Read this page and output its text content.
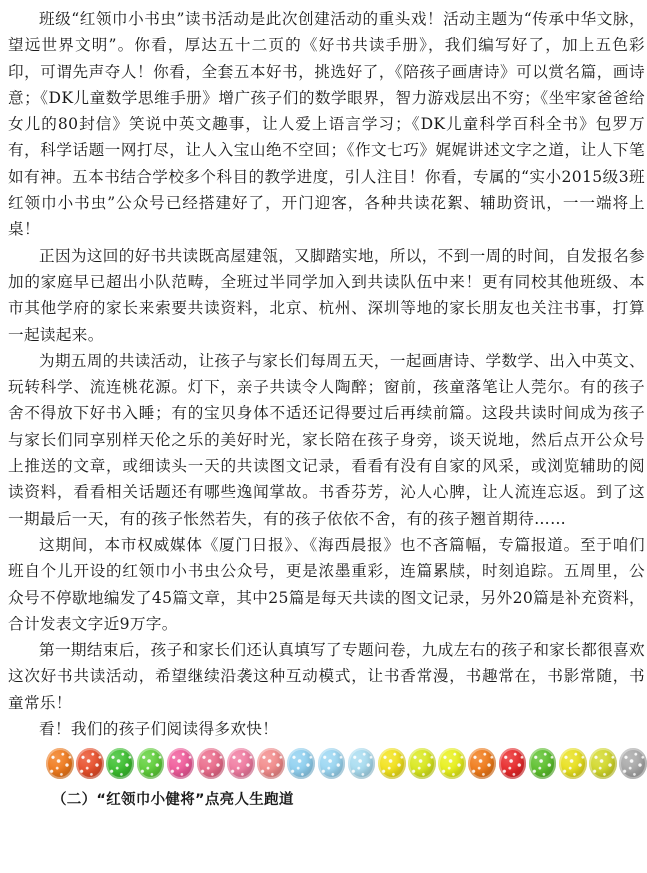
班级“红领巾小书虫”读书活动是此次创建活动的重头戏！活动主题为“传承中华文脉，望远世界文明”。你看，厚达五十二页的《好书共读手册》，我们编写好了，加上五色彩印，可谓先声夺人！你看，全套五本好书，挑选好了，《陪孩子画唐诗》可以赏名篇，画诗意；《DK儿童数学思维手册》增广孩子们的数学眼界，智力游戏层出不穷；《坐牢家爸爸给女儿的80封信》笑说中英文趣事，让人爱上语言学习；《DK儿童科学百科全书》包罗万有，科学话题一网打尽，让人入宝山绝不空回；《作文七巧》娓娓讲述文字之道，让人下笔如有神。五本书结合学校多个科目的教学进度，引人注目！你看，专属的“实小2015级3班红领巾小书虫”公众号已经搭建好了，开门迎客，各种共读花絮、辅助资讯，一一端将上桌！

正因为这回的好书共读既高屋建瓴，又脚踏实地，所以，不到一周的时间，自发报名参加的家庭早已超出小队范畴，全班过半同学加入到共读队伍中来！更有同校其他班级、本市其他学府的家长来索要共读资料，北京、杭州、深圳等地的家长朋友也关注书事，打算一起读起来。

为期五周的共读活动，让孩子与家长们每周五天，一起画唐诗、学数学、出入中英文、玩转科学、流连桃花源。灯下，亲子共读令人陶醉；窗前，孩童落笔让人莞尔。有的孩子舍不得放下好书入睡；有的宝贝身体不适还记得要过后再续前篇。这段共读时间成为孩子与家长们同享别样天伦之乐的美好时光，家长陪在孩子身旁，谈天说地，然后点开公众号上推送的文章，或细读头一天的共读图文记录，看看有没有自家的风采，或浏览辅助的阅读资料，看看相关话题还有哪些逸闻掌故。书香芬芳，沁人心脾，让人流连忘返。到了这一期最后一天，有的孩子怅然若失，有的孩子依依不舍，有的孩子翘首期待……

这期间，本市权威媒体《厦门日报》、《海西晨报》也不吝篇幅，专篇报道。至于咱们班自个儿开设的红领巾小书虫公众号，更是浓墨重彩，连篇累牍，时刻追踪。五周里，公众号不停歇地编发了45篇文章，其中25篇是每天共读的图文记录，另外20篇是补充资料，合计发表文字近9万字。

第一期结束后，孩子和家长们还认真填写了专题问卷，九成左右的孩子和家长都很喜欢这次好书共读活动，希望继续沿袭这种互动模式，让书香常漫，书趣常在，书影常随，书童常乐！

看！我们的孩子们阅读得多欢快！

（二）“红领巾小健将”点亮人生跑道
